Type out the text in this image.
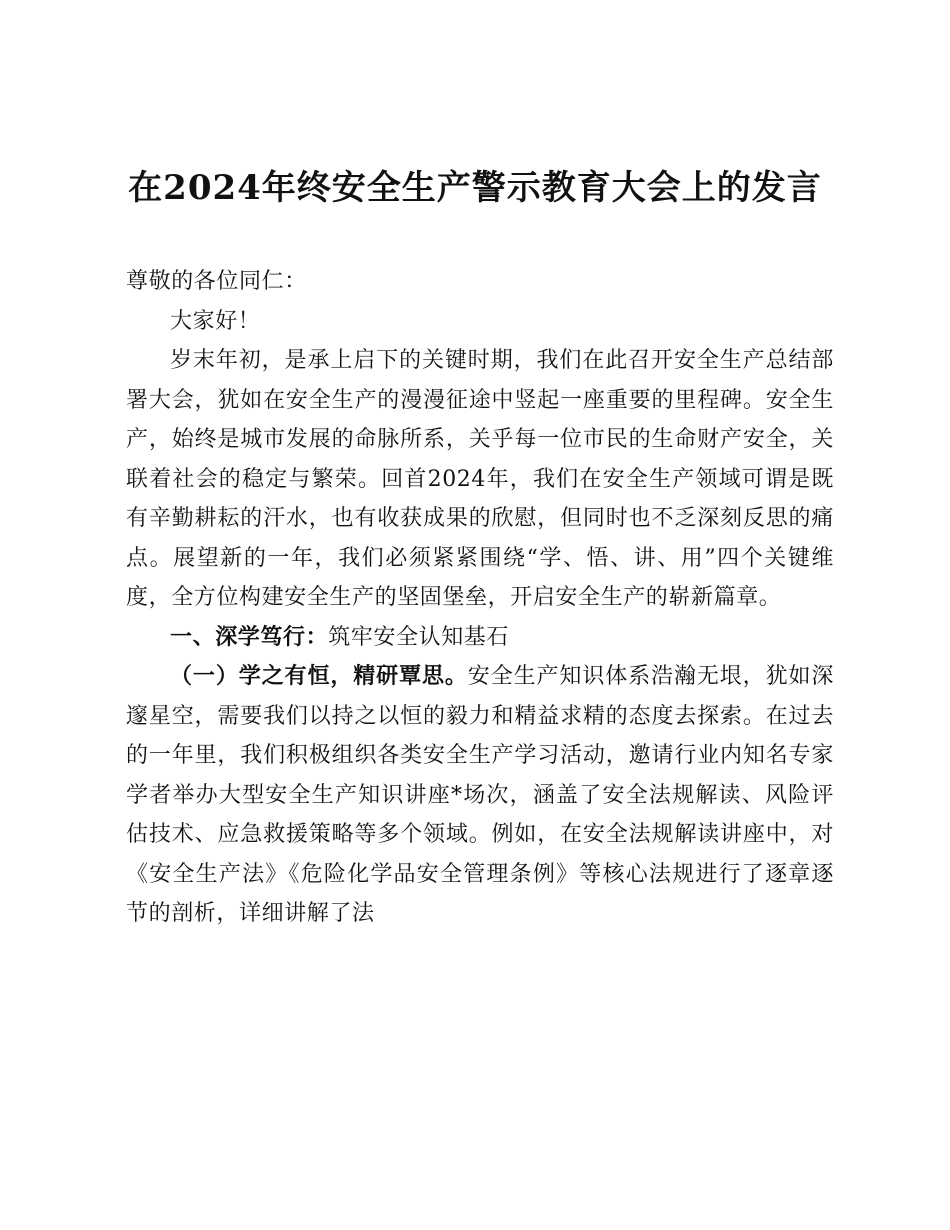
在2024年终安全生产警示教育大会上的发言

尊敬的各位同仁：

大家好！

岁末年初，是承上启下的关键时期，我们在此召开安全生产总结部署大会，犹如在安全生产的漫漫征途中竖起一座重要的里程碑。安全生产，始终是城市发展的命脉所系，关乎每一位市民的生命财产安全，关联着社会的稳定与繁荣。回首2024年，我们在安全生产领域可谓是既有辛勤耕耘的汗水，也有收获成果的欣慰，但同时也不乏深刻反思的痛点。展望新的一年，我们必须紧紧围绕“学、悟、讲、用”四个关键维度，全方位构建安全生产的坚固堡垒，开启安全生产的崭新篇章。

一、深学笃行：筑牢安全认知基石

（一）学之有恒，精研覃思。安全生产知识体系浩瀚无垠，犹如深邃星空，需要我们以持之以恒的毅力和精益求精的态度去探索。在过去的一年里，我们积极组织各类安全生产学习活动，邀请行业内知名专家学者举办大型安全生产知识讲座*场次，涵盖了安全法规解读、风险评估技术、应急救援策略等多个领域。例如，在安全法规解读讲座中，对《安全生产法》《危险化学品安全管理条例》等核心法规进行了逐章逐节的剖析，详细讲解了法
